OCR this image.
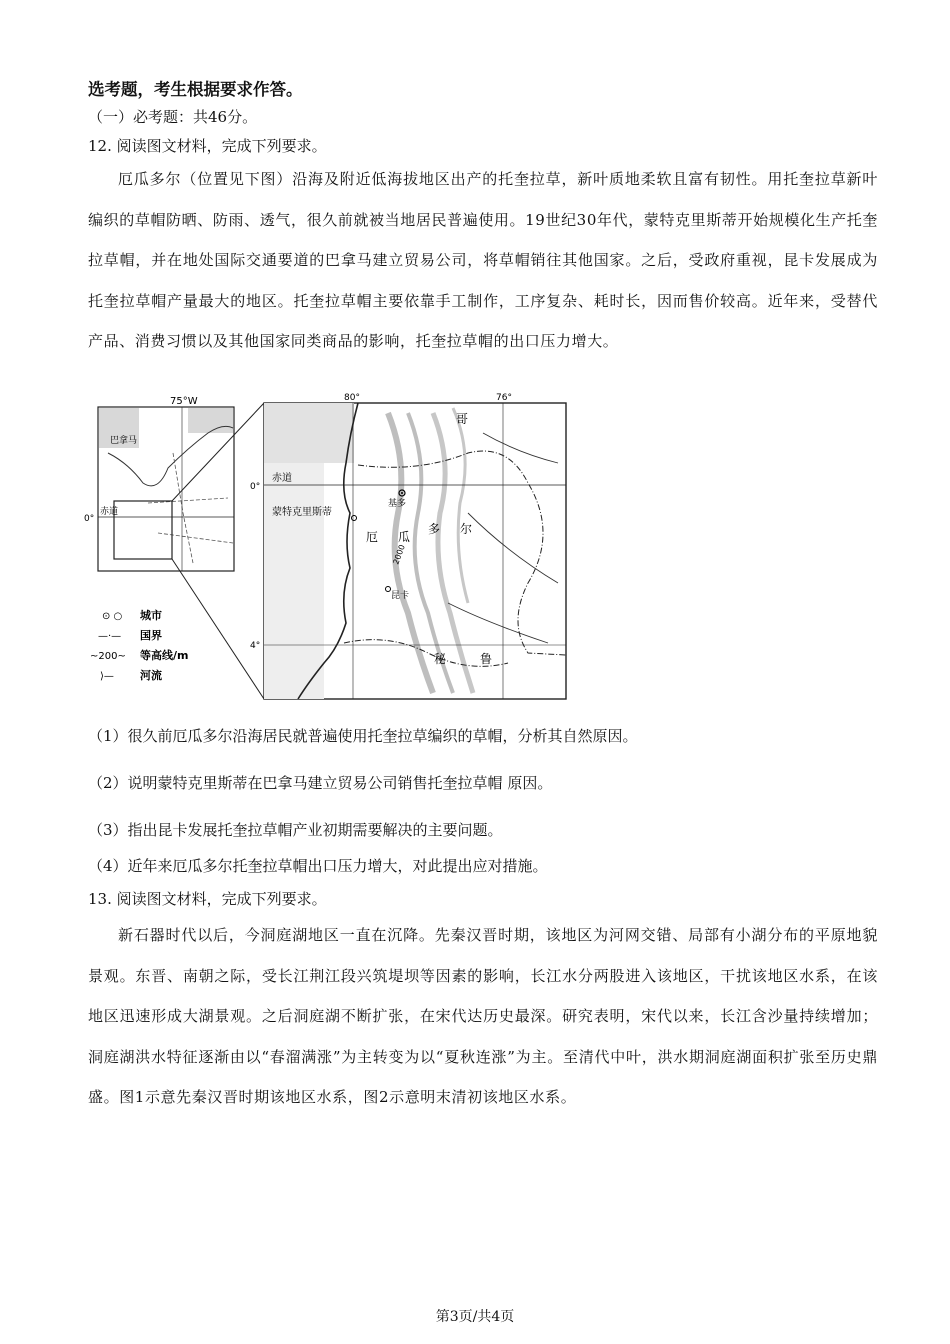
选考题，考生根据要求作答。
（一）必考题：共46分。
12. 阅读图文材料，完成下列要求。
厄瓜多尔（位置见下图）沿海及附近低海拔地区出产的托奎拉草，新叶质地柔软且富有韧性。用托奎拉草新叶编织的草帽防晒、防雨、透气，很久前就被当地居民普遍使用。19世纪30年代，蒙特克里斯蒂开始规模化生产托奎拉草帽，并在地处国际交通要道的巴拿马建立贸易公司，将草帽销往其他国家。之后，受政府重视，昆卡发展成为托奎拉草帽产量最大的地区。托奎拉草帽主要依靠手工制作，工序复杂、耗时长，因而售价较高。近年来，受替代产品、消费习惯以及其他国家同类商品的影响，托奎拉草帽的出口压力增大。
75°W
赤道
0°
巴拿马
80°	76°
0°
4°
赤道
蒙特克里斯蒂
基多
昆卡
厄 瓜
多 尔
秘	鲁
哥
2000
⊙ ○ 城市
—·— 国界
~200~ 等高线/m
⟩— 河流
（1）很久前厄瓜多尔沿海居民就普遍使用托奎拉草编织的草帽，分析其自然原因。
（2）说明蒙特克里斯蒂在巴拿马建立贸易公司销售托奎拉草帽 原因。
（3）指出昆卡发展托奎拉草帽产业初期需要解决的主要问题。
（4）近年来厄瓜多尔托奎拉草帽出口压力增大，对此提出应对措施。
13. 阅读图文材料，完成下列要求。
新石器时代以后，今洞庭湖地区一直在沉降。先秦汉晋时期，该地区为河网交错、局部有小湖分布的平原地貌景观。东晋、南朝之际，受长江荆江段兴筑堤坝等因素的影响，长江水分两股进入该地区，干扰该地区水系，在该地区迅速形成大湖景观。之后洞庭湖不断扩张，在宋代达历史最深。研究表明，宋代以来，长江含沙量持续增加；洞庭湖洪水特征逐渐由以“春溜满涨”为主转变为以“夏秋连涨”为主。至清代中叶，洪水期洞庭湖面积扩张至历史鼎盛。图1示意先秦汉晋时期该地区水系，图2示意明末清初该地区水系。
第3页/共4页
